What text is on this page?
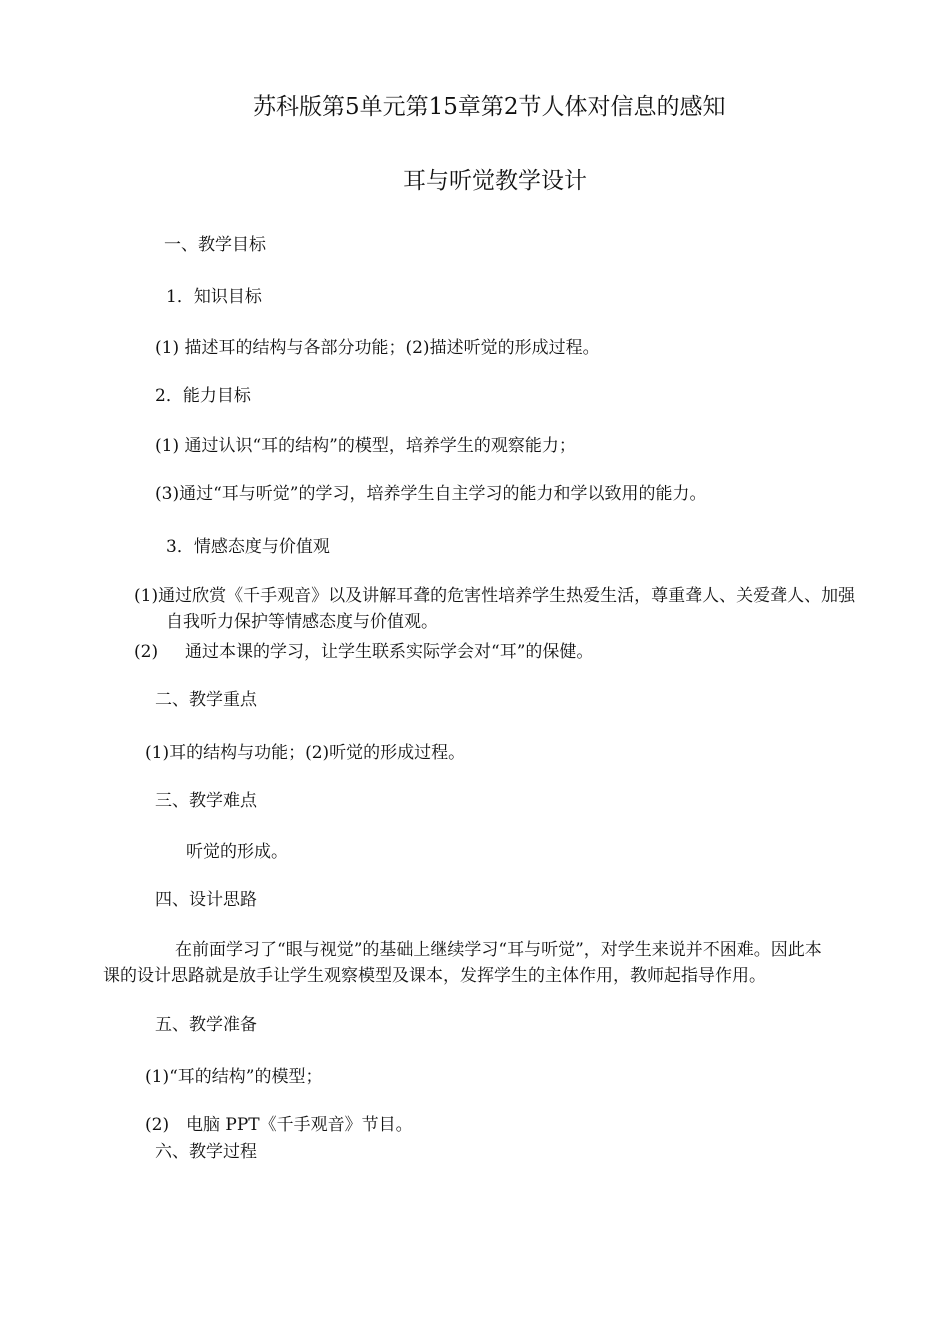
苏科版第5单元第15章第2节人体对信息的感知
耳与听觉教学设计
一、教学目标
1．知识目标
(1) 描述耳的结构与各部分功能；(2)描述听觉的形成过程。
2．能力目标
(1) 通过认识“耳的结构”的模型，培养学生的观察能力；
(3)通过“耳与听觉”的学习，培养学生自主学习的能力和学以致用的能力。
3．情感态度与价值观
(1)通过欣赏《千手观音》以及讲解耳聋的危害性培养学生热爱生活，尊重聋人、关爱聋人、加强
自我听力保护等情感态度与价值观。
(2) 通过本课的学习，让学生联系实际学会对“耳”的保健。
二、教学重点
(1)耳的结构与功能；(2)听觉的形成过程。
三、教学难点
听觉的形成。
四、设计思路
在前面学习了“眼与视觉”的基础上继续学习“耳与听觉”，对学生来说并不困难。因此本
课的设计思路就是放手让学生观察模型及课本，发挥学生的主体作用，教师起指导作用。
五、教学准备
(1)“耳的结构”的模型；
(2) 电脑 PPT《千手观音》节目。
六、教学过程
